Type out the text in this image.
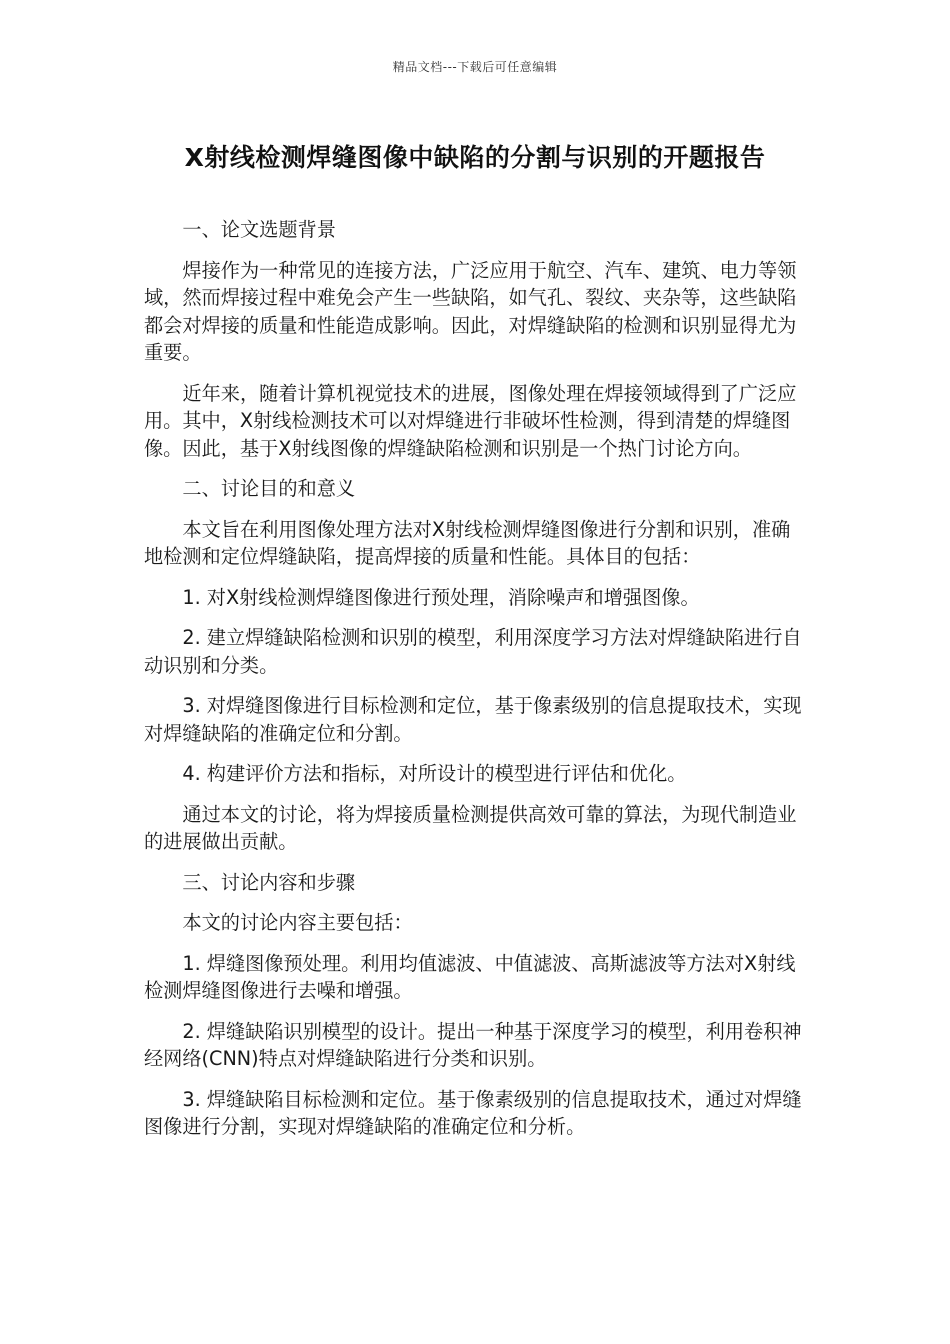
精品文档---下载后可任意编辑
X射线检测焊缝图像中缺陷的分割与识别的开题报告

一、论文选题背景

焊接作为一种常见的连接方法，广泛应用于航空、汽车、建筑、电力等领域，然而焊接过程中难免会产生一些缺陷，如气孔、裂纹、夹杂等，这些缺陷都会对焊接的质量和性能造成影响。因此，对焊缝缺陷的检测和识别显得尤为重要。

近年来，随着计算机视觉技术的进展，图像处理在焊接领域得到了广泛应用。其中，X射线检测技术可以对焊缝进行非破坏性检测，得到清楚的焊缝图像。因此，基于X射线图像的焊缝缺陷检测和识别是一个热门讨论方向。

二、讨论目的和意义

本文旨在利用图像处理方法对X射线检测焊缝图像进行分割和识别，准确地检测和定位焊缝缺陷，提高焊接的质量和性能。具体目的包括：

1. 对X射线检测焊缝图像进行预处理，消除噪声和增强图像。

2. 建立焊缝缺陷检测和识别的模型，利用深度学习方法对焊缝缺陷进行自动识别和分类。

3. 对焊缝图像进行目标检测和定位，基于像素级别的信息提取技术，实现对焊缝缺陷的准确定位和分割。

4. 构建评价方法和指标，对所设计的模型进行评估和优化。

通过本文的讨论，将为焊接质量检测提供高效可靠的算法，为现代制造业的进展做出贡献。

三、讨论内容和步骤

本文的讨论内容主要包括：

1. 焊缝图像预处理。利用均值滤波、中值滤波、高斯滤波等方法对X射线检测焊缝图像进行去噪和增强。

2. 焊缝缺陷识别模型的设计。提出一种基于深度学习的模型，利用卷积神经网络(CNN)特点对焊缝缺陷进行分类和识别。

3. 焊缝缺陷目标检测和定位。基于像素级别的信息提取技术，通过对焊缝图像进行分割，实现对焊缝缺陷的准确定位和分析。
